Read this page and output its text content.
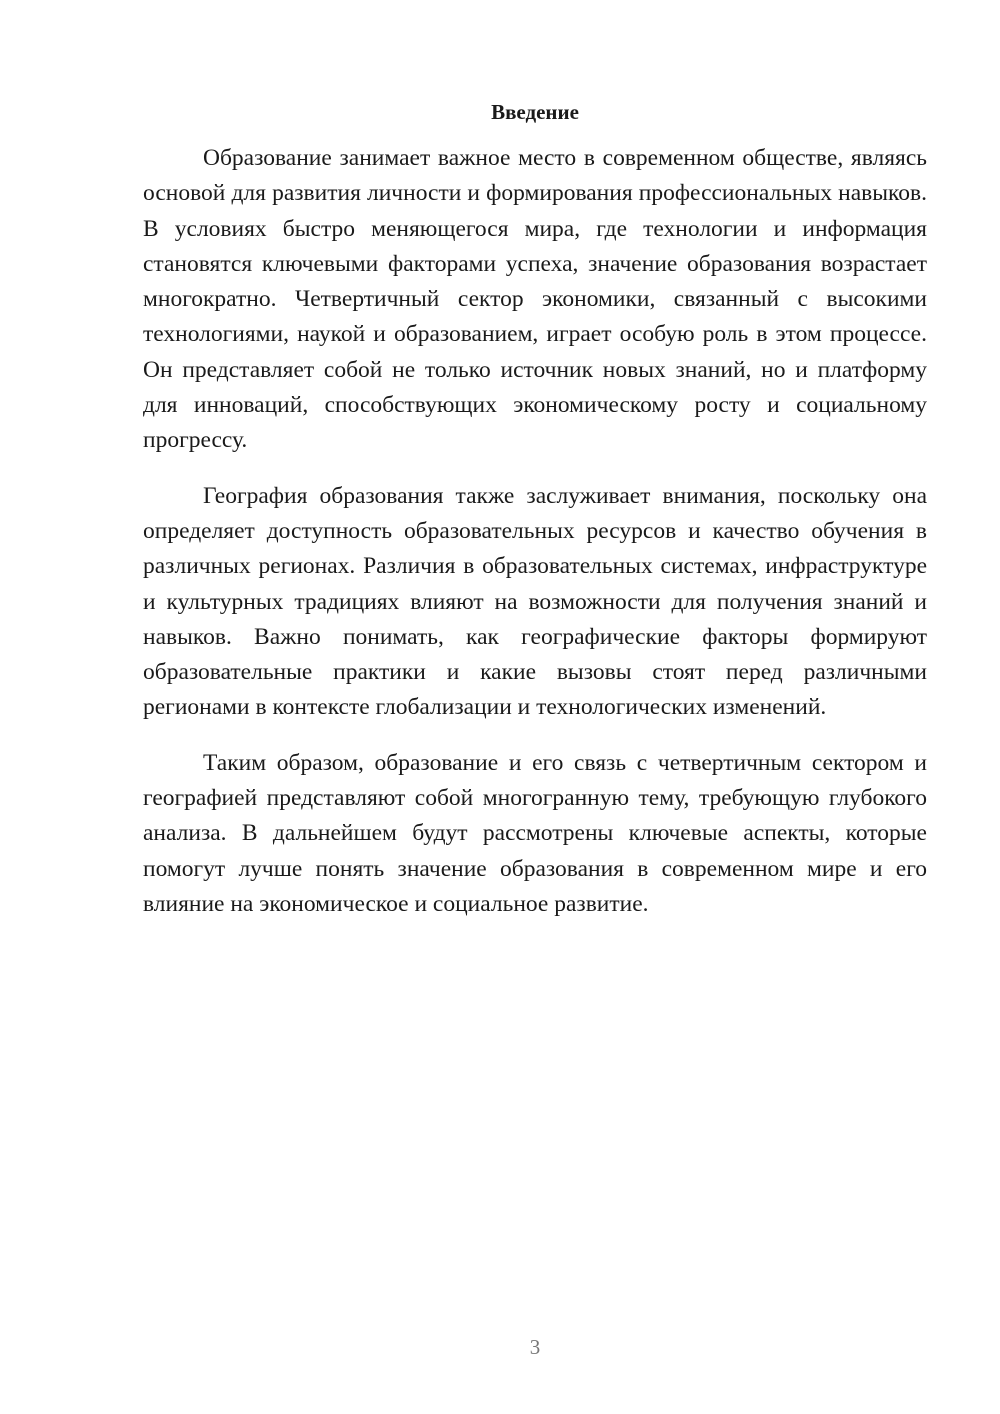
Введение

Образование занимает важное место в современном обществе, являясь основой для развития личности и формирования профессиональных навыков. В условиях быстро меняющегося мира, где технологии и информация становятся ключевыми факторами успеха, значение образования возрастает многократно. Четвертичный сектор экономики, связанный с высокими технологиями, наукой и образованием, играет особую роль в этом процессе. Он представляет собой не только источник новых знаний, но и платформу для инноваций, способствующих экономическому росту и социальному прогрессу.

География образования также заслуживает внимания, поскольку она определяет доступность образовательных ресурсов и качество обучения в различных регионах. Различия в образовательных системах, инфраструктуре и культурных традициях влияют на возможности для получения знаний и навыков. Важно понимать, как географические факторы формируют образовательные практики и какие вызовы стоят перед различными регионами в контексте глобализации и технологических изменений.

Таким образом, образование и его связь с четвертичным сектором и географией представляют собой многогранную тему, требующую глубокого анализа. В дальнейшем будут рассмотрены ключевые аспекты, которые помогут лучше понять значение образования в современном мире и его влияние на экономическое и социальное развитие.

3
